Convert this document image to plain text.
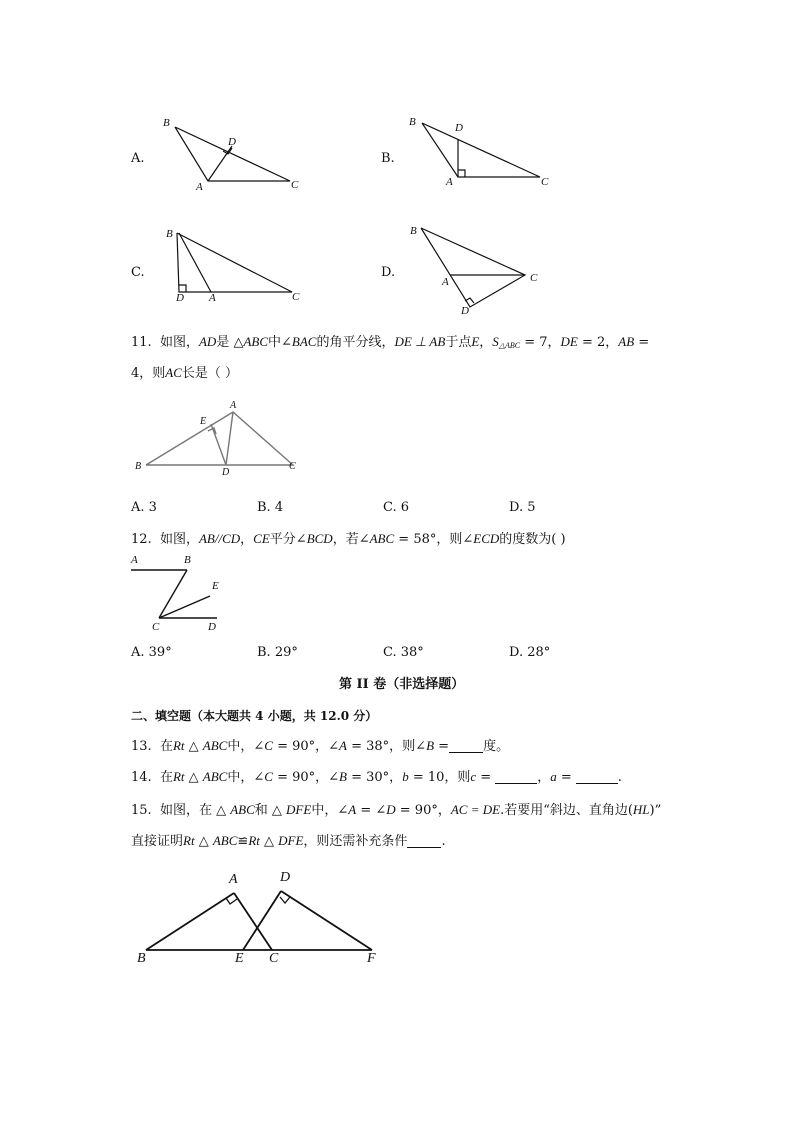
A.	B.
C.	D.
B
D
A	C
B	D
A	C
B
D A	C
B
C
A
D
11. 如图，AD是 △ABC中∠BAC的角平分线，DE ⊥ AB于点E，$S_{\triangle ABC} = 7$，DE = 2，AB =
4，则AC长是（ ）
A
E
B
D
C
A. 3	B. 4	C. 6	D. 5
12. 如图，AB//CD，CE平分∠BCD，若∠ABC = 58°，则∠ECD的度数为( )
A	B
E
C	D
A. 39°	B. 29°	C. 38°	D. 28°
第 II 卷（非选择题）
二、填空题（本大题共 4 小题，共 12.0 分）
13. 在Rt △ ABC中，∠C = 90°，∠A = 38°，则∠B =	度。
14. 在Rt △ ABC中，∠C = 90°，∠B = 30°，b = 10，则c =	，a =	.
15. 如图，在 △ ABC和 △ DFE中，∠A = ∠D = 90°，AC = DE.若要用“斜边、直角边(HL)”
直接证明Rt △ ABC≌Rt △ DFE，则还需补充条件	.
A	D
B	E C	F
